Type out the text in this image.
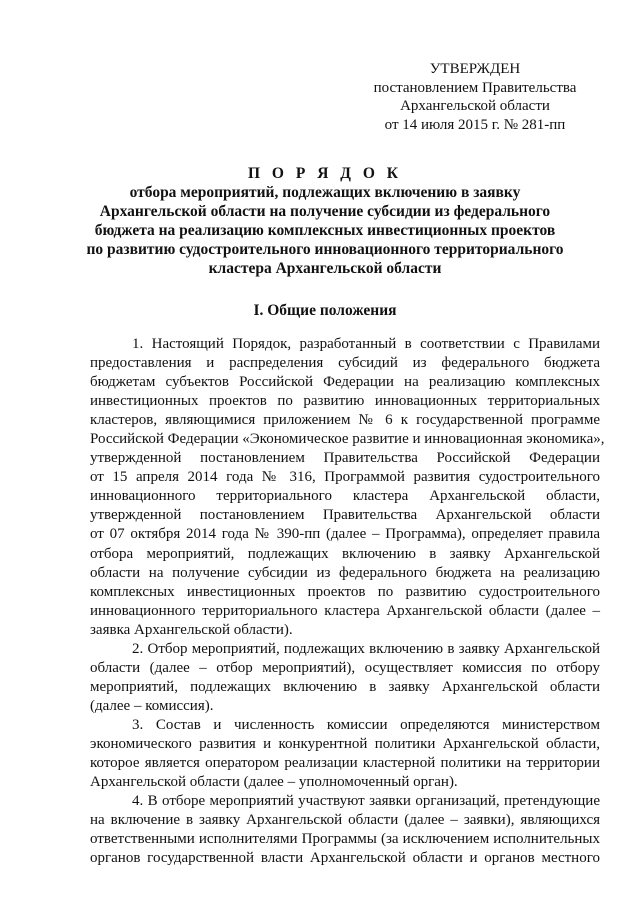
УТВЕРЖДЕН
постановлением Правительства
Архангельской области
от 14 июля 2015 г. № 281-пп
П О Р Я Д О К
отбора мероприятий, подлежащих включению в заявку
Архангельской области на получение субсидии из федерального
бюджета на реализацию комплексных инвестиционных проектов
по развитию судостроительного инновационного территориального
кластера Архангельской области
I. Общие положения
1. Настоящий Порядок, разработанный в соответствии с Правилами
предоставления и распределения субсидий из федерального бюджета
бюджетам субъектов Российской Федерации на реализацию комплексных
инвестиционных проектов по развитию инновационных территориальных
кластеров, являющимися приложением № 6 к государственной программе
Российской Федерации «Экономическое развитие и инновационная экономика»,
утвержденной постановлением Правительства Российской Федерации
от 15 апреля 2014 года № 316, Программой развития судостроительного
инновационного территориального кластера Архангельской области,
утвержденной постановлением Правительства Архангельской области
от 07 октября 2014 года № 390-пп (далее – Программа), определяет правила
отбора мероприятий, подлежащих включению в заявку Архангельской
области на получение субсидии из федерального бюджета на реализацию
комплексных инвестиционных проектов по развитию судостроительного
инновационного территориального кластера Архангельской области (далее –
заявка Архангельской области).
2. Отбор мероприятий, подлежащих включению в заявку Архангельской
области (далее – отбор мероприятий), осуществляет комиссия по отбору
мероприятий, подлежащих включению в заявку Архангельской области
(далее – комиссия).
3. Состав и численность комиссии определяются министерством
экономического развития и конкурентной политики Архангельской области,
которое является оператором реализации кластерной политики на территории
Архангельской области (далее – уполномоченный орган).
4. В отборе мероприятий участвуют заявки организаций, претендующие
на включение в заявку Архангельской области (далее – заявки), являющихся
ответственными исполнителями Программы (за исключением исполнительных
органов государственной власти Архангельской области и органов местного
